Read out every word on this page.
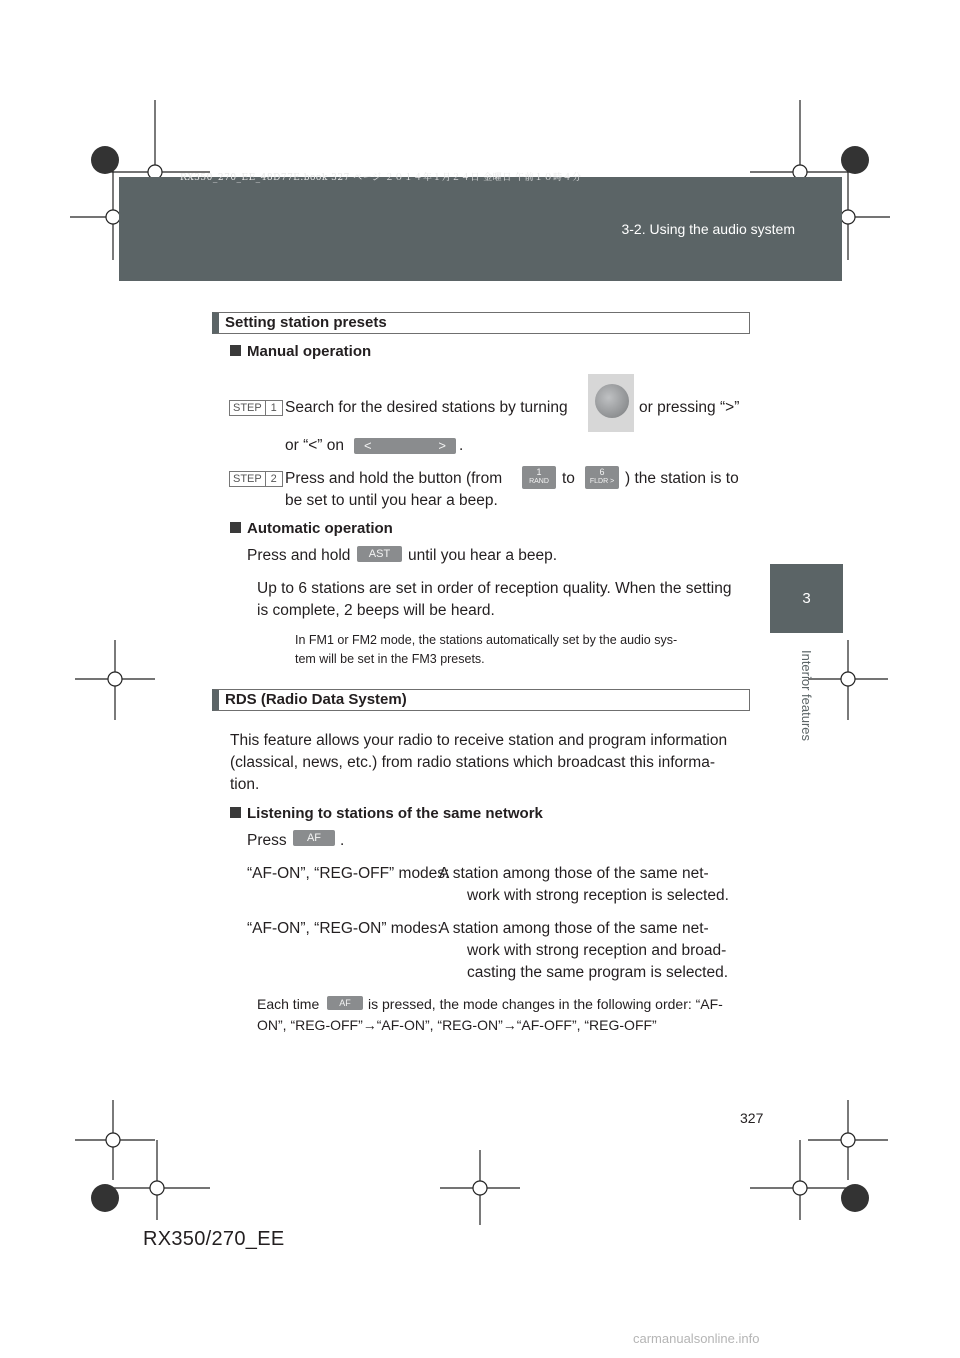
RX350_270_EE_48D77E.book 327 ページ ２０１４年１月２４日 金曜日 午前１０時４分
3-2. Using the audio system
3
Interior features
Setting station presets
Manual operation
STEP 1 Search for the desired stations by turning	or pressing “>”
or “<” on <	> .
STEP 2 Press and hold the button (from	1
RAND to	6
FLDR > ) the station is to
be set to until you hear a beep.
Automatic operation
Press and hold	AST	until you hear a beep.
Up to 6 stations are set in order of reception quality. When the setting
is complete, 2 beeps will be heard.
In FM1 or FM2 mode, the stations automatically set by the audio sys-
tem will be set in the FM3 presets.
RDS (Radio Data System)
This feature allows your radio to receive station and program information
(classical, news, etc.) from radio stations which broadcast this informa-
tion.
Listening to stations of the same network
Press	AF	.
“AF-ON”, “REG-OFF” modes:
A station among those of the same net-
work with strong reception is selected.
“AF-ON”, “REG-ON” modes:
A station among those of the same net-
work with strong reception and broad-
casting the same program is selected.
Each time	AF	is pressed, the mode changes in the following order: “AF-
ON”, “REG-OFF”→“AF-ON”, “REG-ON”→“AF-OFF”, “REG-OFF”
327
RX350/270_EE
carmanualsonline.info
